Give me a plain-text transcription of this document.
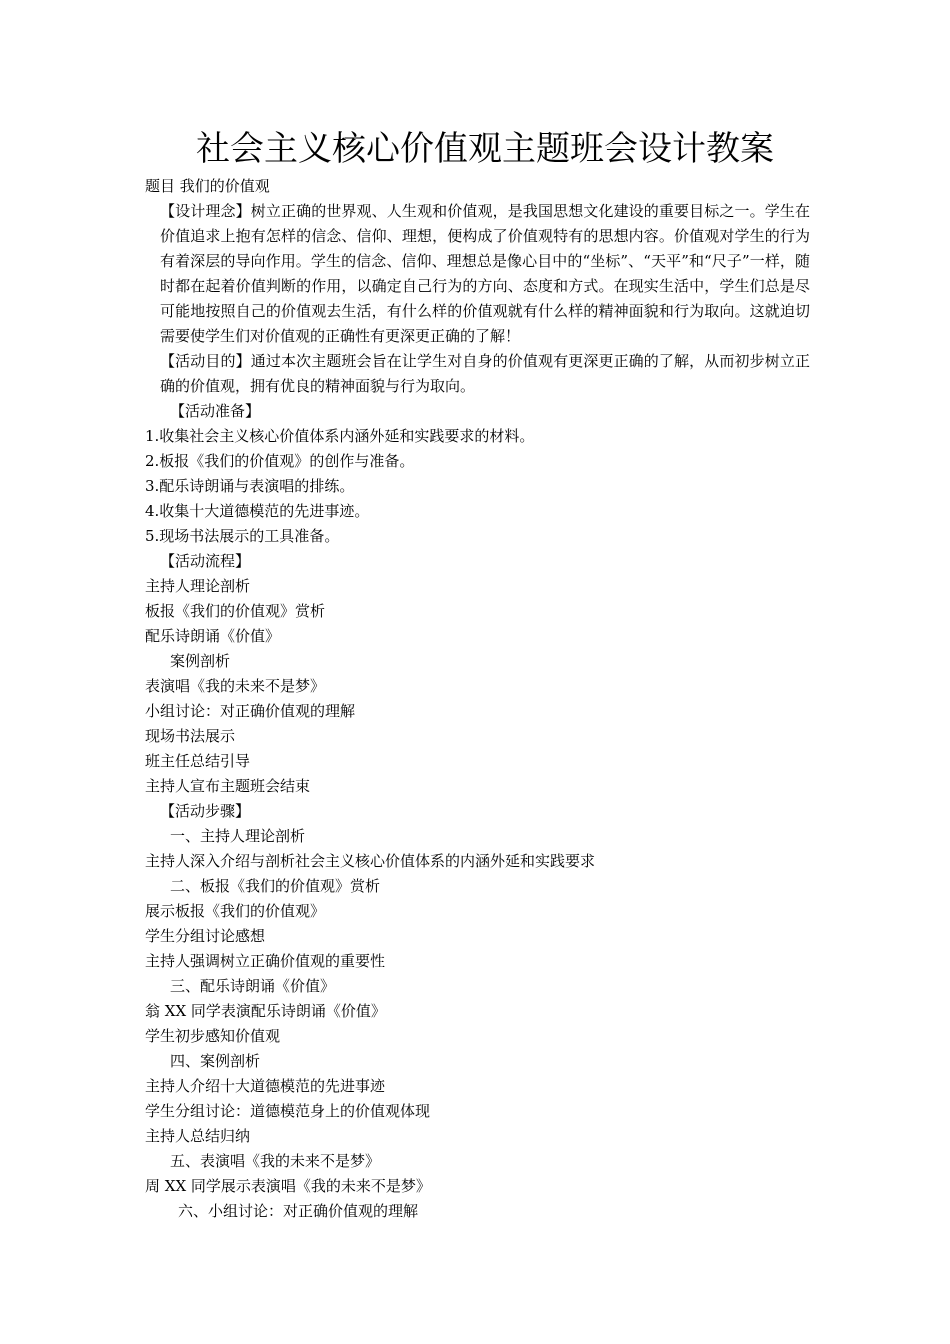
社会主义核心价值观主题班会设计教案

题目 我们的价值观

【设计理念】树立正确的世界观、人生观和价值观，是我国思想文化建设的重要目标之一。学生在价值追求上抱有怎样的信念、信仰、理想，便构成了价值观特有的思想内容。价值观对学生的行为有着深层的导向作用。学生的信念、信仰、理想总是像心目中的“坐标”、“天平”和“尺子”一样，随时都在起着价值判断的作用，以确定自己行为的方向、态度和方式。在现实生活中，学生们总是尽可能地按照自己的价值观去生活，有什么样的价值观就有什么样的精神面貌和行为取向。这就迫切需要使学生们对价值观的正确性有更深更正确的了解！

【活动目的】通过本次主题班会旨在让学生对自身的价值观有更深更正确的了解，从而初步树立正确的价值观，拥有优良的精神面貌与行为取向。

【活动准备】

1.收集社会主义核心价值体系内涵外延和实践要求的材料。

2.板报《我们的价值观》的创作与准备。

3.配乐诗朗诵与表演唱的排练。

4.收集十大道德模范的先进事迹。

5.现场书法展示的工具准备。

【活动流程】

主持人理论剖析

板报《我们的价值观》赏析

配乐诗朗诵《价值》

案例剖析

表演唱《我的未来不是梦》

小组讨论：对正确价值观的理解

现场书法展示

班主任总结引导

主持人宣布主题班会结束

【活动步骤】

一、主持人理论剖析

主持人深入介绍与剖析社会主义核心价值体系的内涵外延和实践要求

二、板报《我们的价值观》赏析

展示板报《我们的价值观》

学生分组讨论感想

主持人强调树立正确价值观的重要性

三、配乐诗朗诵《价值》

翁 XX 同学表演配乐诗朗诵《价值》

学生初步感知价值观

四、案例剖析

主持人介绍十大道德模范的先进事迹

学生分组讨论：道德模范身上的价值观体现

主持人总结归纳

五、表演唱《我的未来不是梦》

周 XX 同学展示表演唱《我的未来不是梦》

六、小组讨论：对正确价值观的理解
